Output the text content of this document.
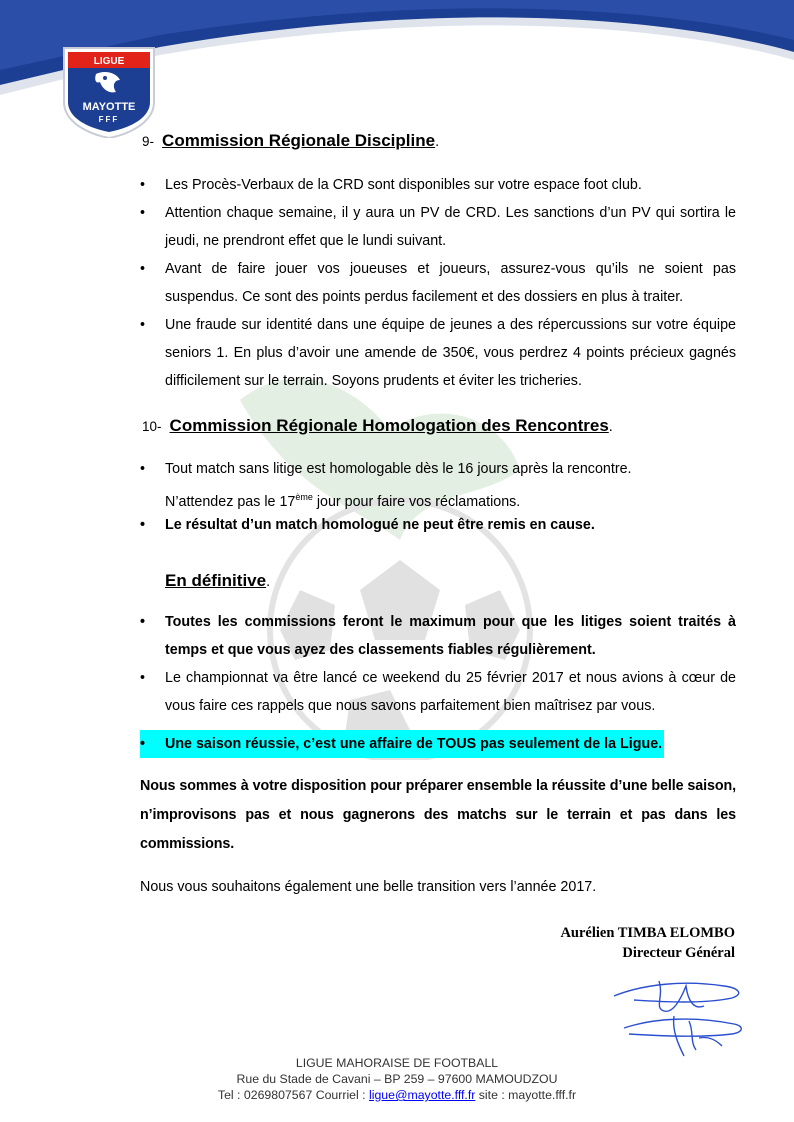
LIGUE
MAYOTTE
FFF
9- Commission Régionale Discipline.
• Les Procès-Verbaux de la CRD sont disponibles sur votre espace foot club.
• Attention chaque semaine, il y aura un PV de CRD. Les sanctions d’un PV qui sortira le jeudi, ne prendront effet que le lundi suivant.
• Avant de faire jouer vos joueuses et joueurs, assurez-vous qu’ils ne soient pas suspendus. Ce sont des points perdus facilement et des dossiers en plus à traiter.
• Une fraude sur identité dans une équipe de jeunes a des répercussions sur votre équipe seniors 1. En plus d’avoir une amende de 350€, vous perdrez 4 points précieux gagnés difficilement sur le terrain. Soyons prudents et éviter les tricheries.
10- Commission Régionale Homologation des Rencontres.
• Tout match sans litige est homologable dès le 16 jours après la rencontre.
N’attendez pas le 17ème jour pour faire vos réclamations.
• Le résultat d’un match homologué ne peut être remis en cause.
En définitive.
• Toutes les commissions feront le maximum pour que les litiges soient traités à temps et que vous ayez des classements fiables régulièrement.
• Le championnat va être lancé ce weekend du 25 février 2017 et nous avions à cœur de vous faire ces rappels que nous savons parfaitement bien maîtrisez par vous.
• Une saison réussie, c’est une affaire de TOUS pas seulement de la Ligue.
Nous sommes à votre disposition pour préparer ensemble la réussite d’une belle saison, n’improvisons pas et nous gagnerons des matchs sur le terrain et pas dans les commissions.
Nous vous souhaitons également une belle transition vers l’année 2017.
Aurélien TIMBA ELOMBO
Directeur Général
LIGUE MAHORAISE DE FOOTBALL
Rue du Stade de Cavani – BP 259 – 97600 MAMOUDZOU
Tel : 0269807567 Courriel : ligue@mayotte.fff.fr site : mayotte.fff.fr
